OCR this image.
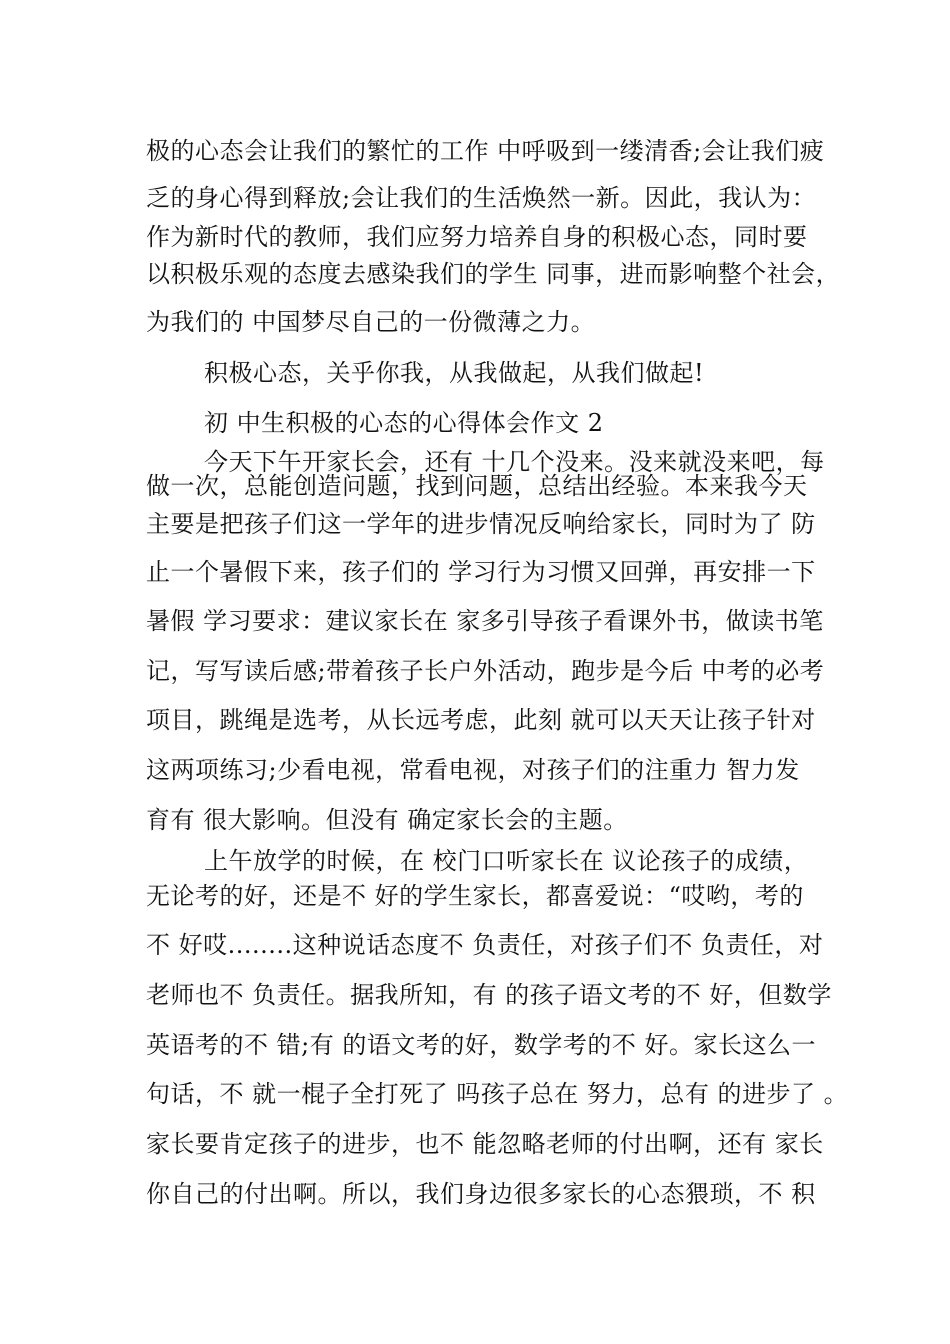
极的心态会让我们的繁忙的工作 中呼吸到一缕清香;会让我们疲
乏的身心得到释放;会让我们的生活焕然一新。因此，我认为：
作为新时代的教师，我们应努力培养自身的积极心态，同时要
以积极乐观的态度去感染我们的学生 同事，进而影响整个社会，
为我们的 中国梦尽自己的一份微薄之力。
积极心态，关乎你我，从我做起，从我们做起!
初 中生积极的心态的心得体会作文 2
今天下午开家长会，还有 十几个没来。没来就没来吧，每
做一次，总能创造问题，找到问题，总结出经验。本来我今天
主要是把孩子们这一学年的进步情况反响给家长，同时为了 防
止一个暑假下来，孩子们的 学习行为习惯又回弹，再安排一下
暑假 学习要求：建议家长在 家多引导孩子看课外书，做读书笔
记，写写读后感;带着孩子长户外活动，跑步是今后 中考的必考
项目，跳绳是选考，从长远考虑，此刻 就可以天天让孩子针对
这两项练习;少看电视，常看电视，对孩子们的注重力 智力发
育有 很大影响。但没有 确定家长会的主题。
上午放学的时候，在 校门口听家长在 议论孩子的成绩，
无论考的好，还是不 好的学生家长，都喜爱说：“哎哟，考的
不 好哎........这种说话态度不 负责任，对孩子们不 负责任，对
老师也不 负责任。据我所知，有 的孩子语文考的不 好，但数学
英语考的不 错;有 的语文考的好，数学考的不 好。家长这么一
句话，不 就一棍子全打死了 吗孩子总在 努力，总有 的进步了 。
家长要肯定孩子的进步，也不 能忽略老师的付出啊，还有 家长
你自己的付出啊。所以，我们身边很多家长的心态猥琐，不 积
